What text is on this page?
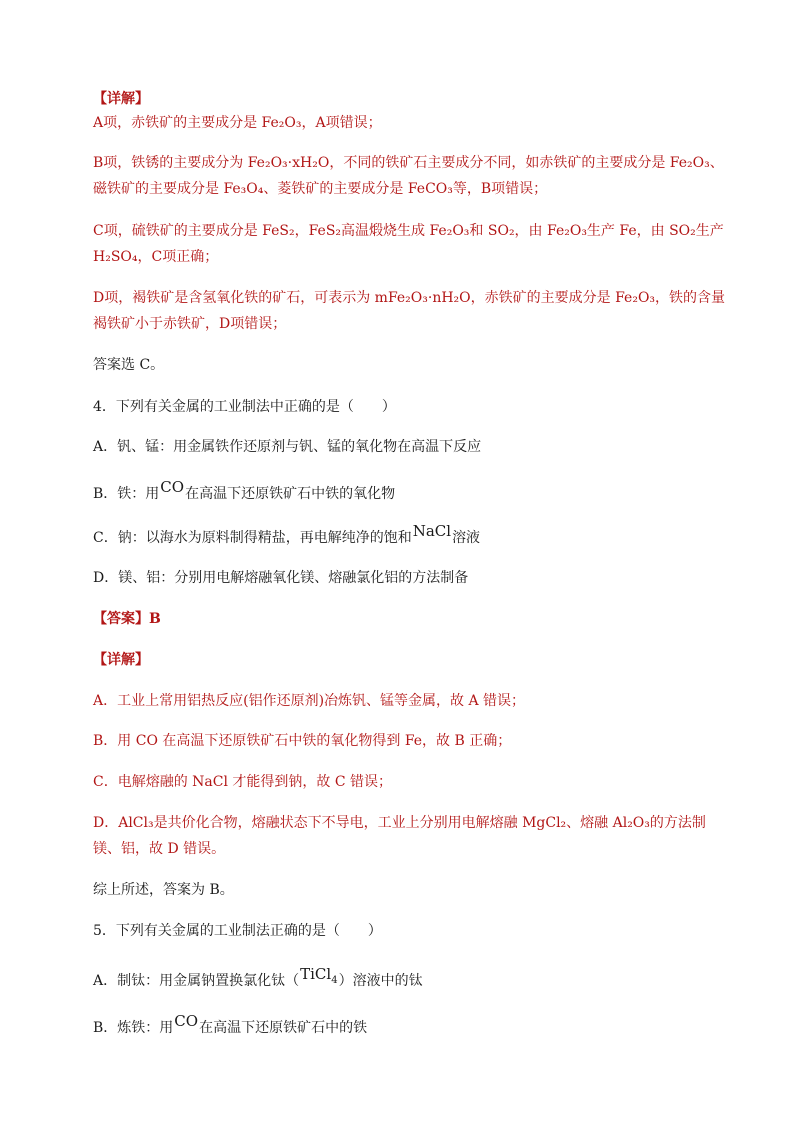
【详解】
A项，赤铁矿的主要成分是 Fe₂O₃，A项错误；
B项，铁锈的主要成分为 Fe₂O₃·xH₂O，不同的铁矿石主要成分不同，如赤铁矿的主要成分是 Fe₂O₃、
磁铁矿的主要成分是 Fe₃O₄、菱铁矿的主要成分是 FeCO₃等，B项错误；
C项，硫铁矿的主要成分是 FeS₂，FeS₂高温煅烧生成 Fe₂O₃和 SO₂，由 Fe₂O₃生产 Fe，由 SO₂生产
H₂SO₄，C项正确；
D项，褐铁矿是含氢氧化铁的矿石，可表示为 mFe₂O₃·nH₂O，赤铁矿的主要成分是 Fe₂O₃，铁的含量
褐铁矿小于赤铁矿，D项错误；
答案选 C。
4．下列有关金属的工业制法中正确的是（　　）
A．钒、锰：用金属铁作还原剂与钒、锰的氧化物在高温下反应
B．铁：用CO在高温下还原铁矿石中铁的氧化物
C．钠：以海水为原料制得精盐，再电解纯净的饱和NaCl溶液
D．镁、铝：分别用电解熔融氧化镁、熔融氯化铝的方法制备
【答案】B
【详解】
A．工业上常用铝热反应(铝作还原剂)冶炼钒、锰等金属，故 A 错误；
B．用 CO 在高温下还原铁矿石中铁的氧化物得到 Fe，故 B 正确；
C．电解熔融的 NaCl 才能得到钠，故 C 错误；
D．AlCl₃是共价化合物，熔融状态下不导电，工业上分别用电解熔融 MgCl₂、熔融 Al₂O₃的方法制
镁、铝，故 D 错误。
综上所述，答案为 B。
5．下列有关金属的工业制法正确的是（　　）
A．制钛：用金属钠置换氯化钛（TiCl$_4$）溶液中的钛
B．炼铁：用CO在高温下还原铁矿石中的铁
